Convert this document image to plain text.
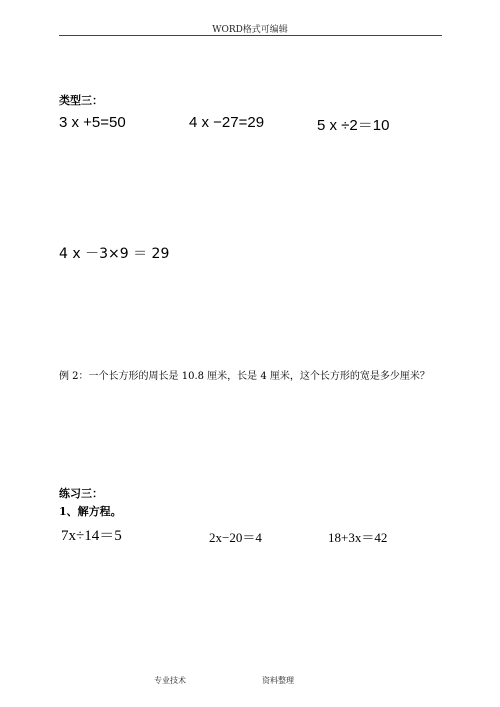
WORD格式可编辑
类型三：
3 x +5=50	4 x −27=29	5 x ÷2＝10
4 x －3×9 ＝ 29
例 2：一个长方形的周长是 10.8 厘米，长是 4 厘米，这个长方形的宽是多少厘米？
练习三：
1、解方程。
7x÷14＝5	2x−20＝4	18+3x＝42
专业技术	资料整理
